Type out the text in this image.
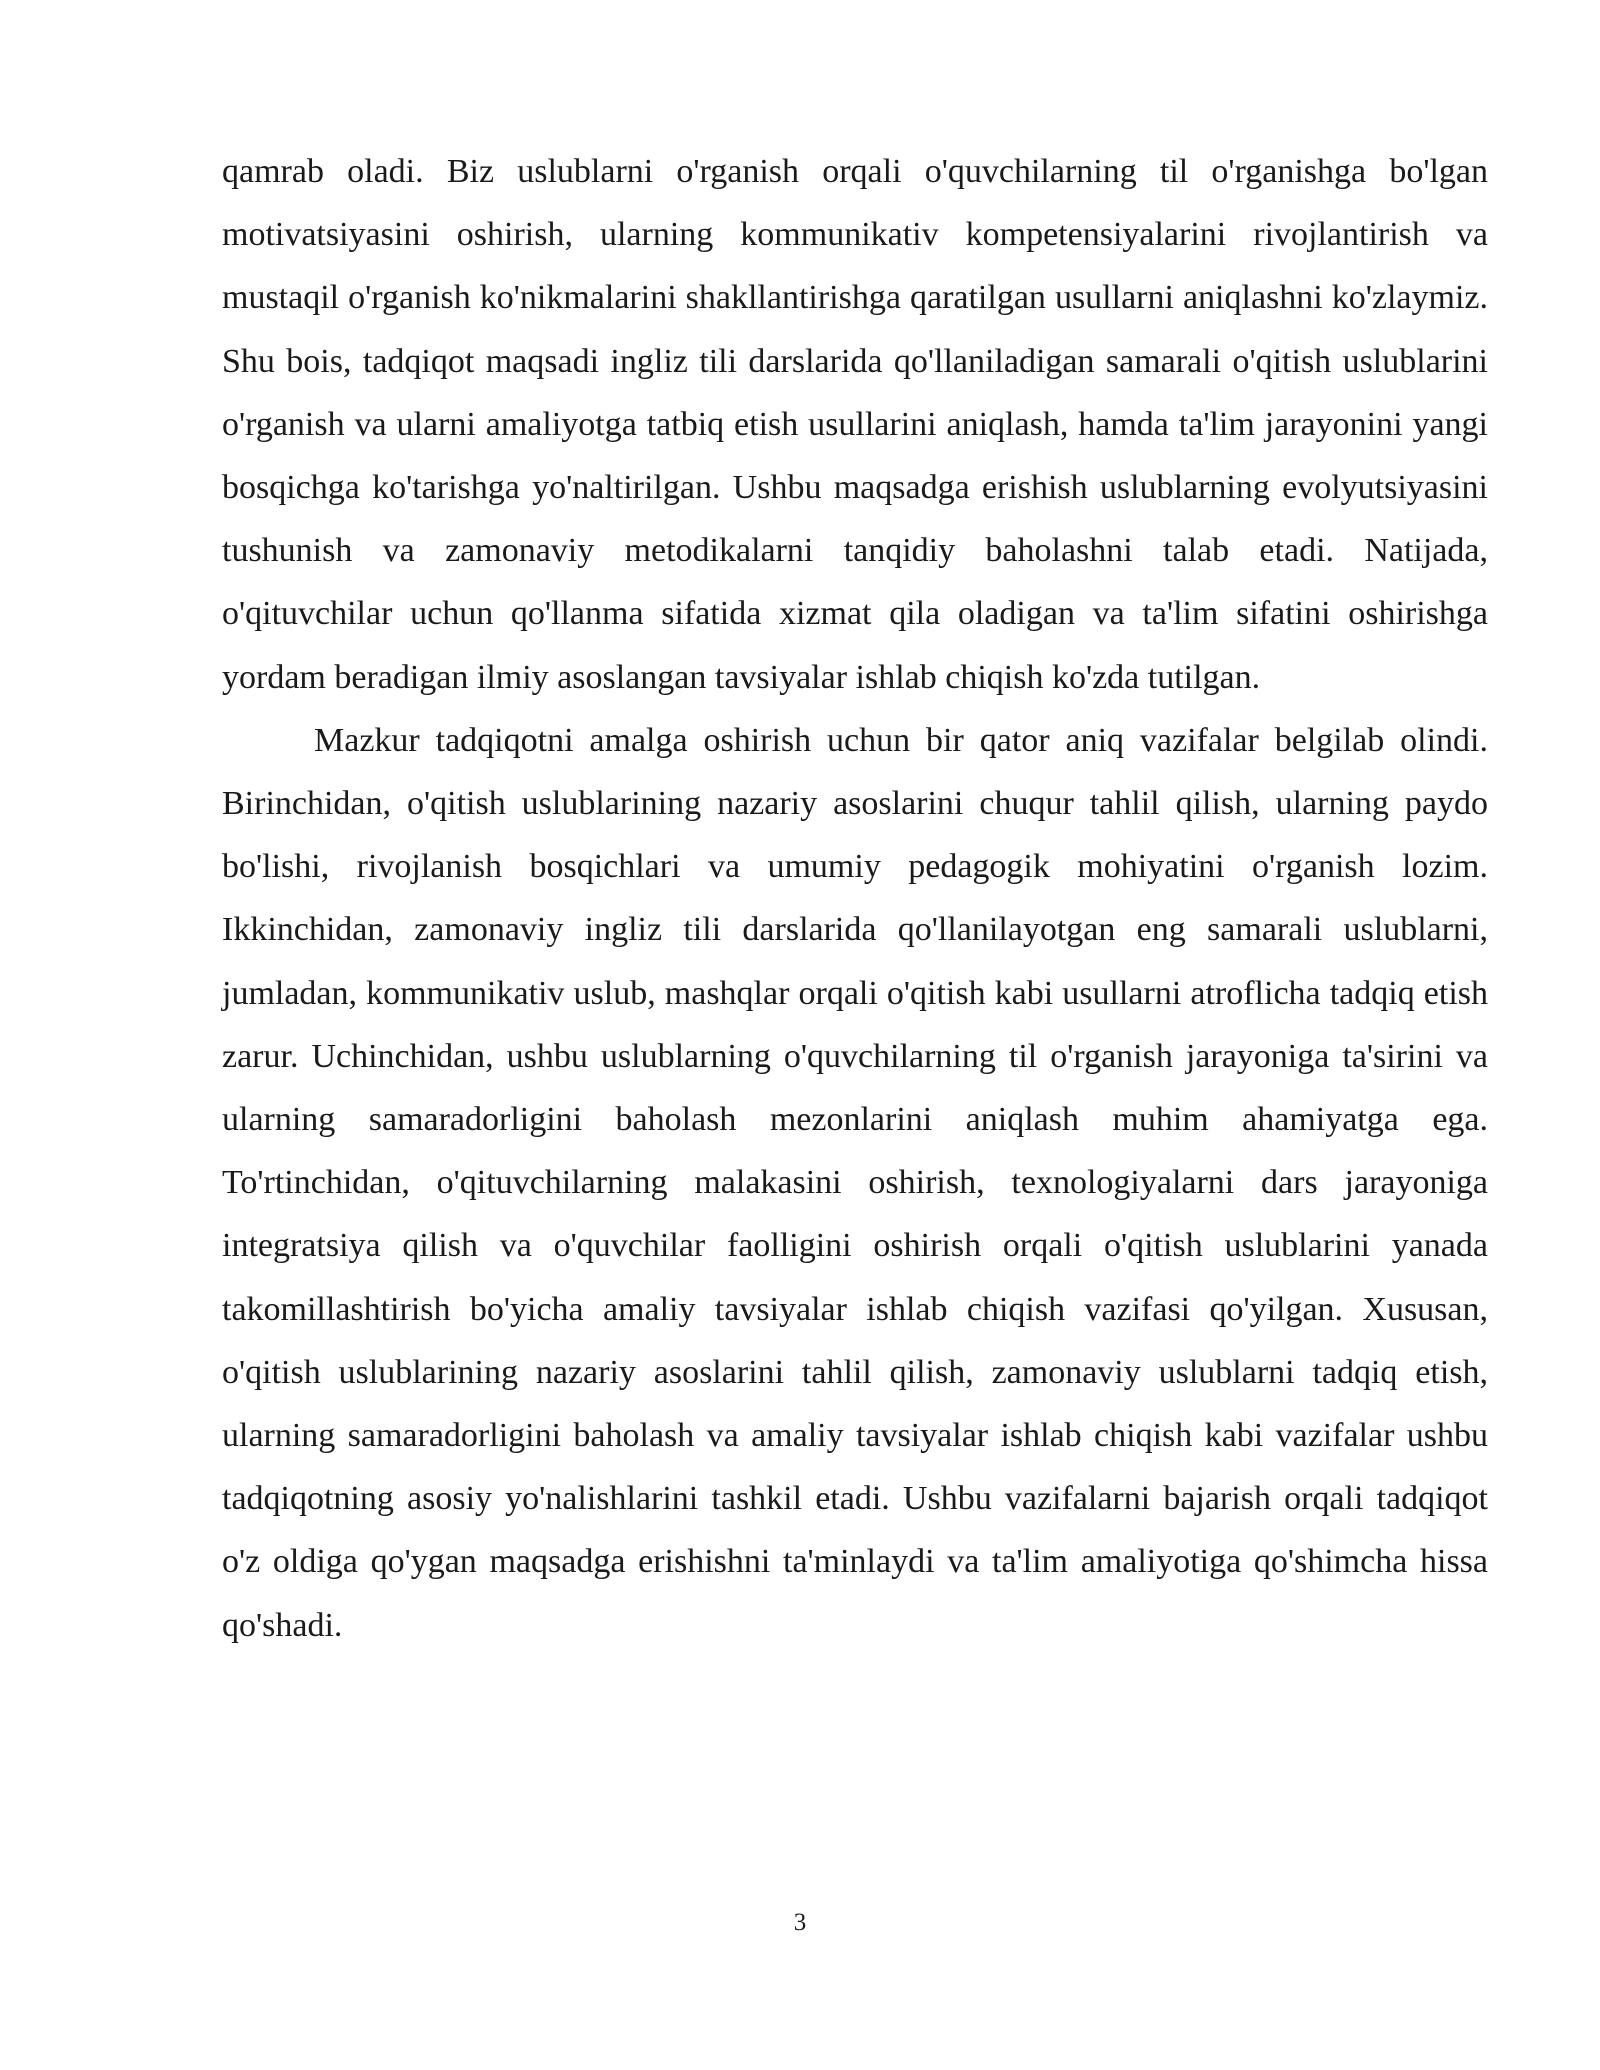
qamrab oladi. Biz uslublarni o'rganish orqali o'quvchilarning til o'rganishga bo'lgan motivatsiyasini oshirish, ularning kommunikativ kompetensiyalarini rivojlantirish va mustaqil o'rganish ko'nikmalarini shakllantirishga qaratilgan usullarni aniqlashni ko'zlaymiz. Shu bois, tadqiqot maqsadi ingliz tili darslarida qo'llaniladigan samarali o'qitish uslublarini o'rganish va ularni amaliyotga tatbiq etish usullarini aniqlash, hamda ta'lim jarayonini yangi bosqichga ko'tarishga yo'naltirilgan. Ushbu maqsadga erishish uslublarning evolyutsiyasini tushunish va zamonaviy metodikalarni tanqidiy baholashni talab etadi. Natijada, o'qituvchilar uchun qo'llanma sifatida xizmat qila oladigan va ta'lim sifatini oshirishga yordam beradigan ilmiy asoslangan tavsiyalar ishlab chiqish ko'zda tutilgan.

Mazkur tadqiqotni amalga oshirish uchun bir qator aniq vazifalar belgilab olindi. Birinchidan, o'qitish uslublarining nazariy asoslarini chuqur tahlil qilish, ularning paydo bo'lishi, rivojlanish bosqichlari va umumiy pedagogik mohiyatini o'rganish lozim. Ikkinchidan, zamonaviy ingliz tili darslarida qo'llanilayotgan eng samarali uslublarni, jumladan, kommunikativ uslub, mashqlar orqali o'qitish kabi usullarni atroflicha tadqiq etish zarur. Uchinchidan, ushbu uslublarning o'quvchilarning til o'rganish jarayoniga ta'sirini va ularning samaradorligini baholash mezonlarini aniqlash muhim ahamiyatga ega. To'rtinchidan, o'qituvchilarning malakasini oshirish, texnologiyalarni dars jarayoniga integratsiya qilish va o'quvchilar faolligini oshirish orqali o'qitish uslublarini yanada takomillashtirish bo'yicha amaliy tavsiyalar ishlab chiqish vazifasi qo'yilgan. Xususan, o'qitish uslublarining nazariy asoslarini tahlil qilish, zamonaviy uslublarni tadqiq etish, ularning samaradorligini baholash va amaliy tavsiyalar ishlab chiqish kabi vazifalar ushbu tadqiqotning asosiy yo'nalishlarini tashkil etadi. Ushbu vazifalarni bajarish orqali tadqiqot o'z oldiga qo'ygan maqsadga erishishni ta'minlaydi va ta'lim amaliyotiga qo'shimcha hissa qo'shadi.

3
